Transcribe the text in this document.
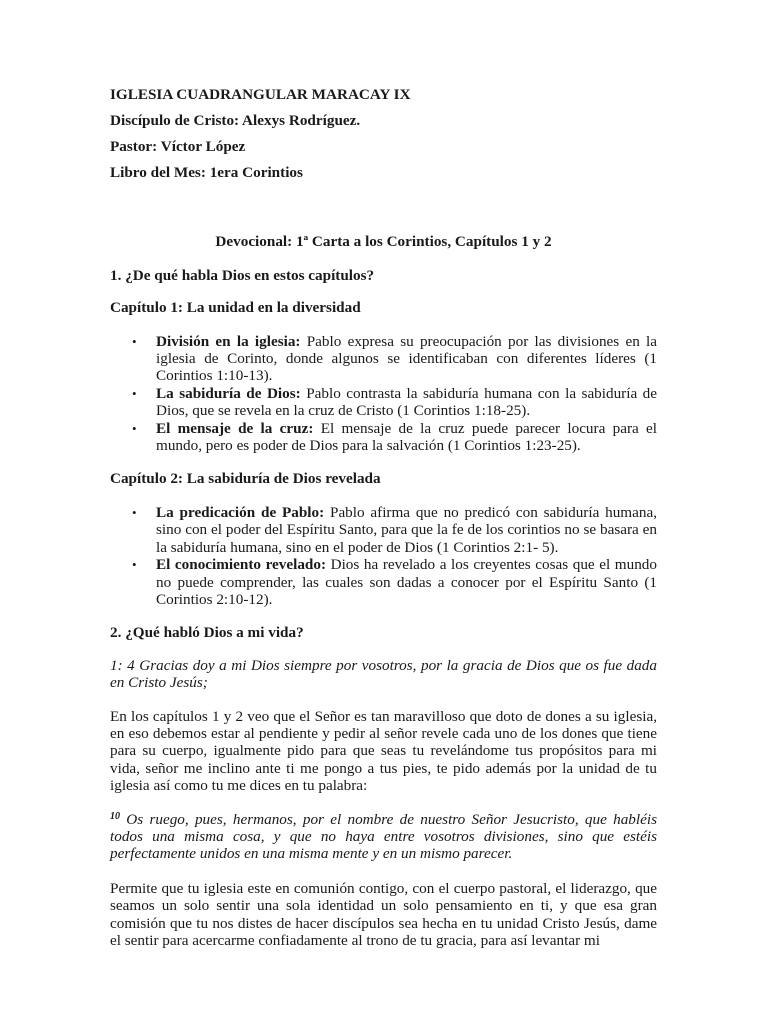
IGLESIA CUADRANGULAR MARACAY IX

Discípulo de Cristo: Alexys Rodríguez.

Pastor: Víctor López

Libro del Mes: 1era Corintios

Devocional: 1ª Carta a los Corintios, Capítulos 1 y 2

1. ¿De qué habla Dios en estos capítulos?

Capítulo 1: La unidad en la diversidad

• División en la iglesia: Pablo expresa su preocupación por las divisiones en la iglesia de Corinto, donde algunos se identificaban con diferentes líderes (1 Corintios 1:10-13).
• La sabiduría de Dios: Pablo contrasta la sabiduría humana con la sabiduría de Dios, que se revela en la cruz de Cristo (1 Corintios 1:18-25).
• El mensaje de la cruz: El mensaje de la cruz puede parecer locura para el mundo, pero es poder de Dios para la salvación (1 Corintios 1:23-25).

Capítulo 2: La sabiduría de Dios revelada

• La predicación de Pablo: Pablo afirma que no predicó con sabiduría humana, sino con el poder del Espíritu Santo, para que la fe de los corintios no se basara en la sabiduría humana, sino en el poder de Dios (1 Corintios 2:1- 5).
• El conocimiento revelado: Dios ha revelado a los creyentes cosas que el mundo no puede comprender, las cuales son dadas a conocer por el Espíritu Santo (1 Corintios 2:10-12).

2. ¿Qué habló Dios a mi vida?

1: 4 Gracias doy a mi Dios siempre por vosotros, por la gracia de Dios que os fue dada en Cristo Jesús;

En los capítulos 1 y 2 veo que el Señor es tan maravilloso que doto de dones a su iglesia, en eso debemos estar al pendiente y pedir al señor revele cada uno de los dones que tiene para su cuerpo, igualmente pido para que seas tu revelándome tus propósitos para mi vida, señor me inclino ante ti me pongo a tus pies, te pido además por la unidad de tu iglesia así como tu me dices en tu palabra:

$^{10}$ Os ruego, pues, hermanos, por el nombre de nuestro Señor Jesucristo, que habléis todos una misma cosa, y que no haya entre vosotros divisiones, sino que estéis perfectamente unidos en una misma mente y en un mismo parecer.

Permite que tu iglesia este en comunión contigo, con el cuerpo pastoral, el liderazgo, que seamos un solo sentir una sola identidad un solo pensamiento en ti, y que esa gran comisión que tu nos distes de hacer discípulos sea hecha en tu unidad Cristo Jesús, dame el sentir para acercarme confiadamente al trono de tu gracia, para así levantar mi
